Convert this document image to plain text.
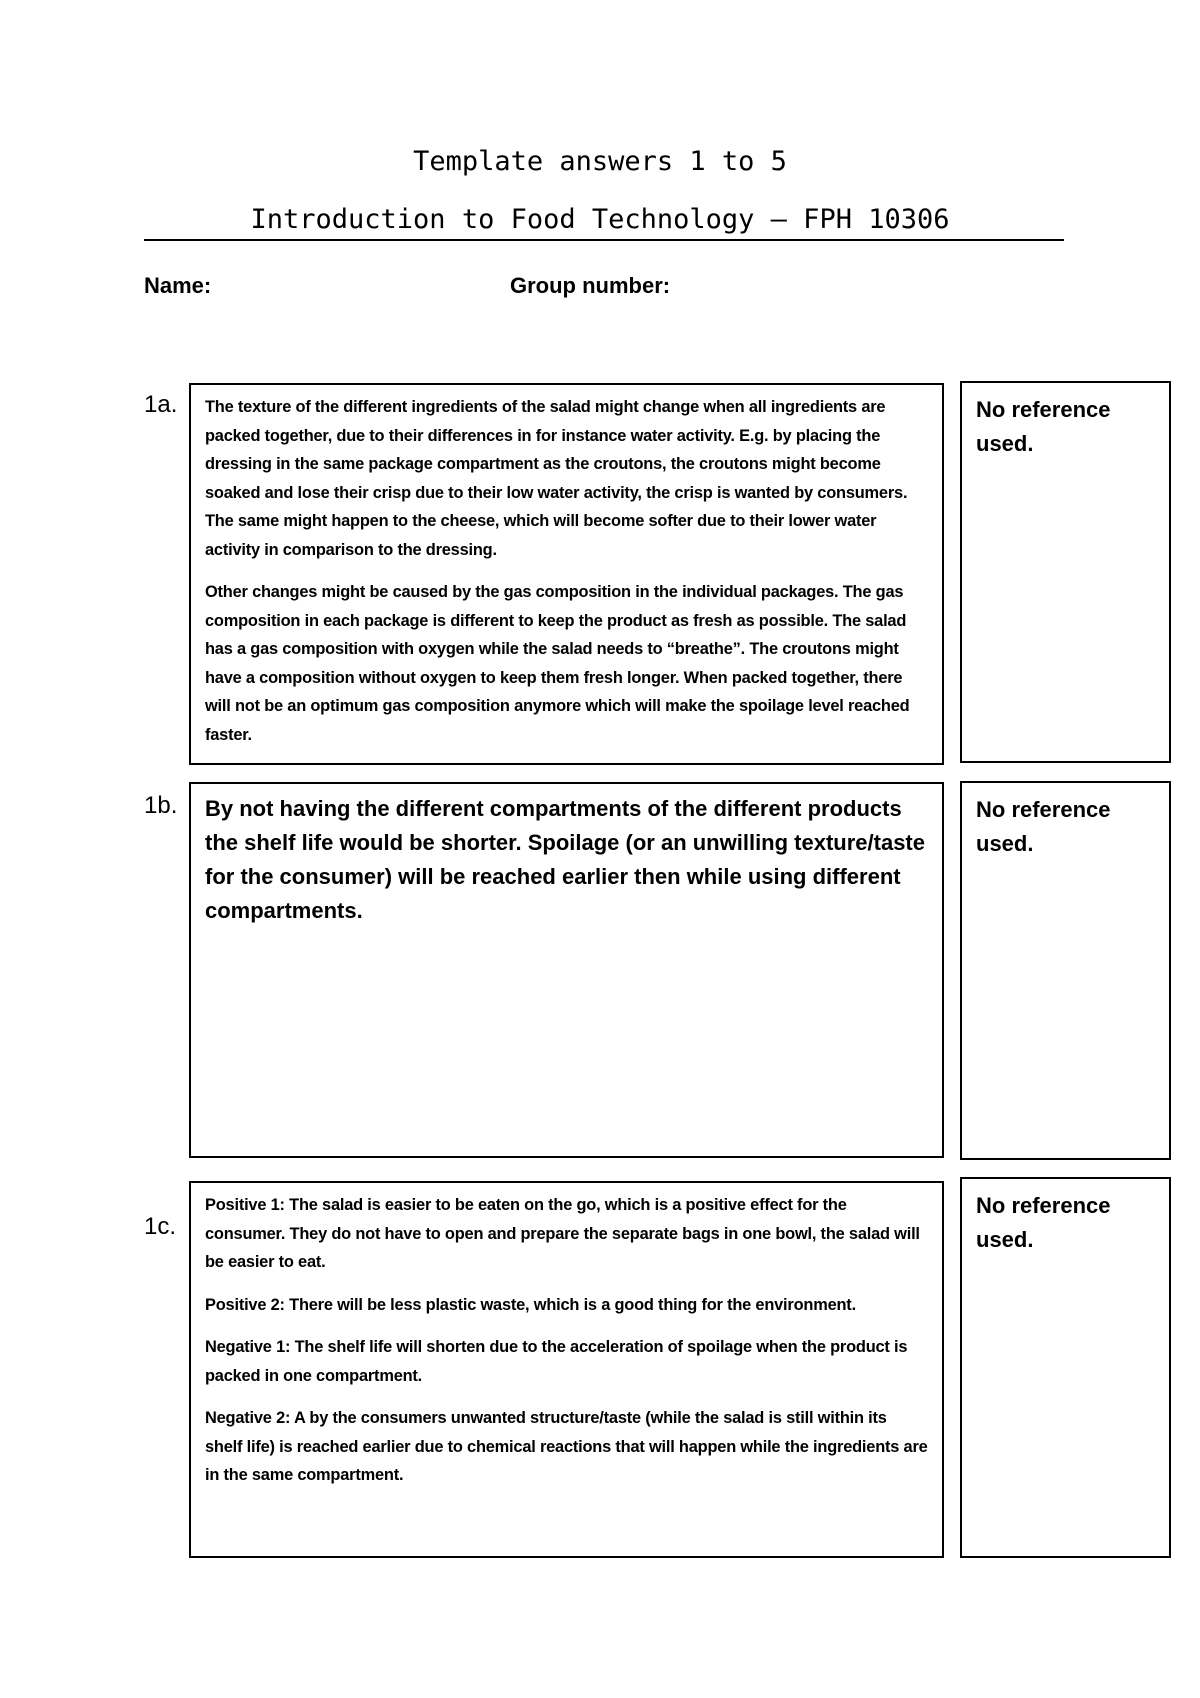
Template answers 1 to 5
Introduction to Food Technology – FPH 10306
Name:	Group number:
1a. The texture of the different ingredients of the salad might change when all ingredients are packed together, due to their differences in for instance water activity. E.g. by placing the dressing in the same package compartment as the croutons, the croutons might become soaked and lose their crisp due to their low water activity, the crisp is wanted by consumers. The same might happen to the cheese, which will become softer due to their lower water activity in comparison to the dressing.

Other changes might be caused by the gas composition in the individual packages. The gas composition in each package is different to keep the product as fresh as possible. The salad has a gas composition with oxygen while the salad needs to “breathe”. The croutons might have a composition without oxygen to keep them fresh longer. When packed together, there will not be an optimum gas composition anymore which will make the spoilage level reached faster.

No reference used.
1b. By not having the different compartments of the different products the shelf life would be shorter. Spoilage (or an unwilling texture/taste for the consumer) will be reached earlier then while using different compartments.

No reference used.
1c.

Positive 1: The salad is easier to be eaten on the go, which is a positive effect for the consumer. They do not have to open and prepare the separate bags in one bowl, the salad will be easier to eat.

Positive 2: There will be less plastic waste, which is a good thing for the environment.

Negative 1: The shelf life will shorten due to the acceleration of spoilage when the product is packed in one compartment.

Negative 2: A by the consumers unwanted structure/taste (while the salad is still within its shelf life) is reached earlier due to chemical reactions that will happen while the ingredients are in the same compartment.

No reference used.
